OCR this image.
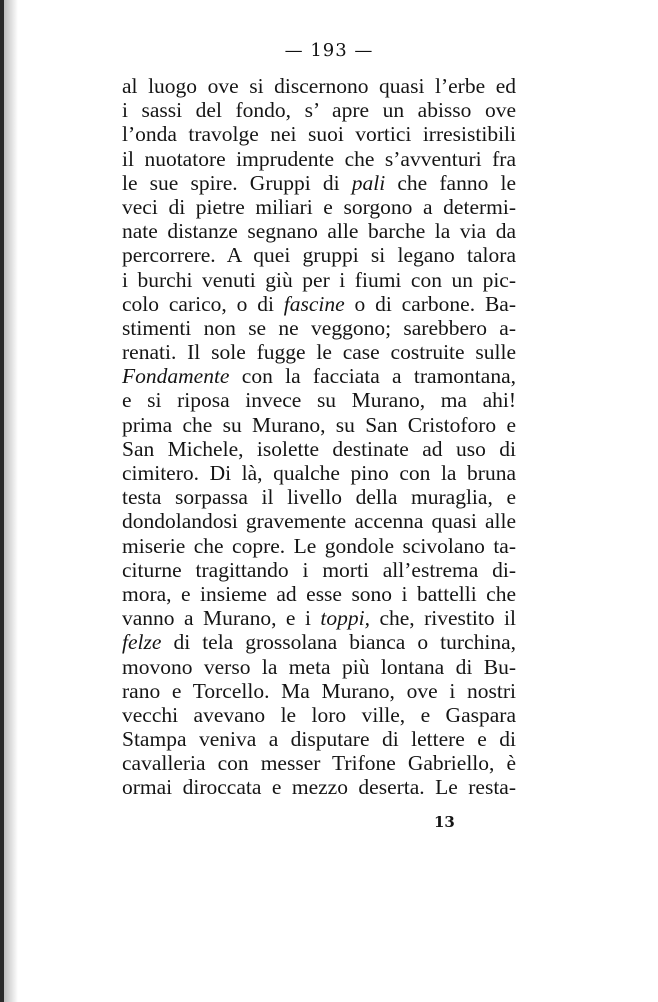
— 193 —
al luogo ove si discernono quasi l’erbe ed
i sassi del fondo, s’ apre un abisso ove
l’onda travolge nei suoi vortici irresistibili
il nuotatore imprudente che s’avventuri fra
le sue spire. Gruppi di pali che fanno le
veci di pietre miliari e sorgono a determi-
nate distanze segnano alle barche la via da
percorrere. A quei gruppi si legano talora
i burchi venuti giù per i fiumi con un pic-
colo carico, o di fascine o di carbone. Ba-
stimenti non se ne veggono; sarebbero a-
renati. Il sole fugge le case costruite sulle
Fondamente con la facciata a tramontana,
e si riposa invece su Murano, ma ahi!
prima che su Murano, su San Cristoforo e
San Michele, isolette destinate ad uso di
cimitero. Di là, qualche pino con la bruna
testa sorpassa il livello della muraglia, e
dondolandosi gravemente accenna quasi alle
miserie che copre. Le gondole scivolano ta-
citurne tragittando i morti all’estrema di-
mora, e insieme ad esse sono i battelli che
vanno a Murano, e i toppi, che, rivestito il
felze di tela grossolana bianca o turchina,
movono verso la meta più lontana di Bu-
rano e Torcello. Ma Murano, ove i nostri
vecchi avevano le loro ville, e Gaspara
Stampa veniva a disputare di lettere e di
cavalleria con messer Trifone Gabriello, è
ormai diroccata e mezzo deserta. Le resta-
13
